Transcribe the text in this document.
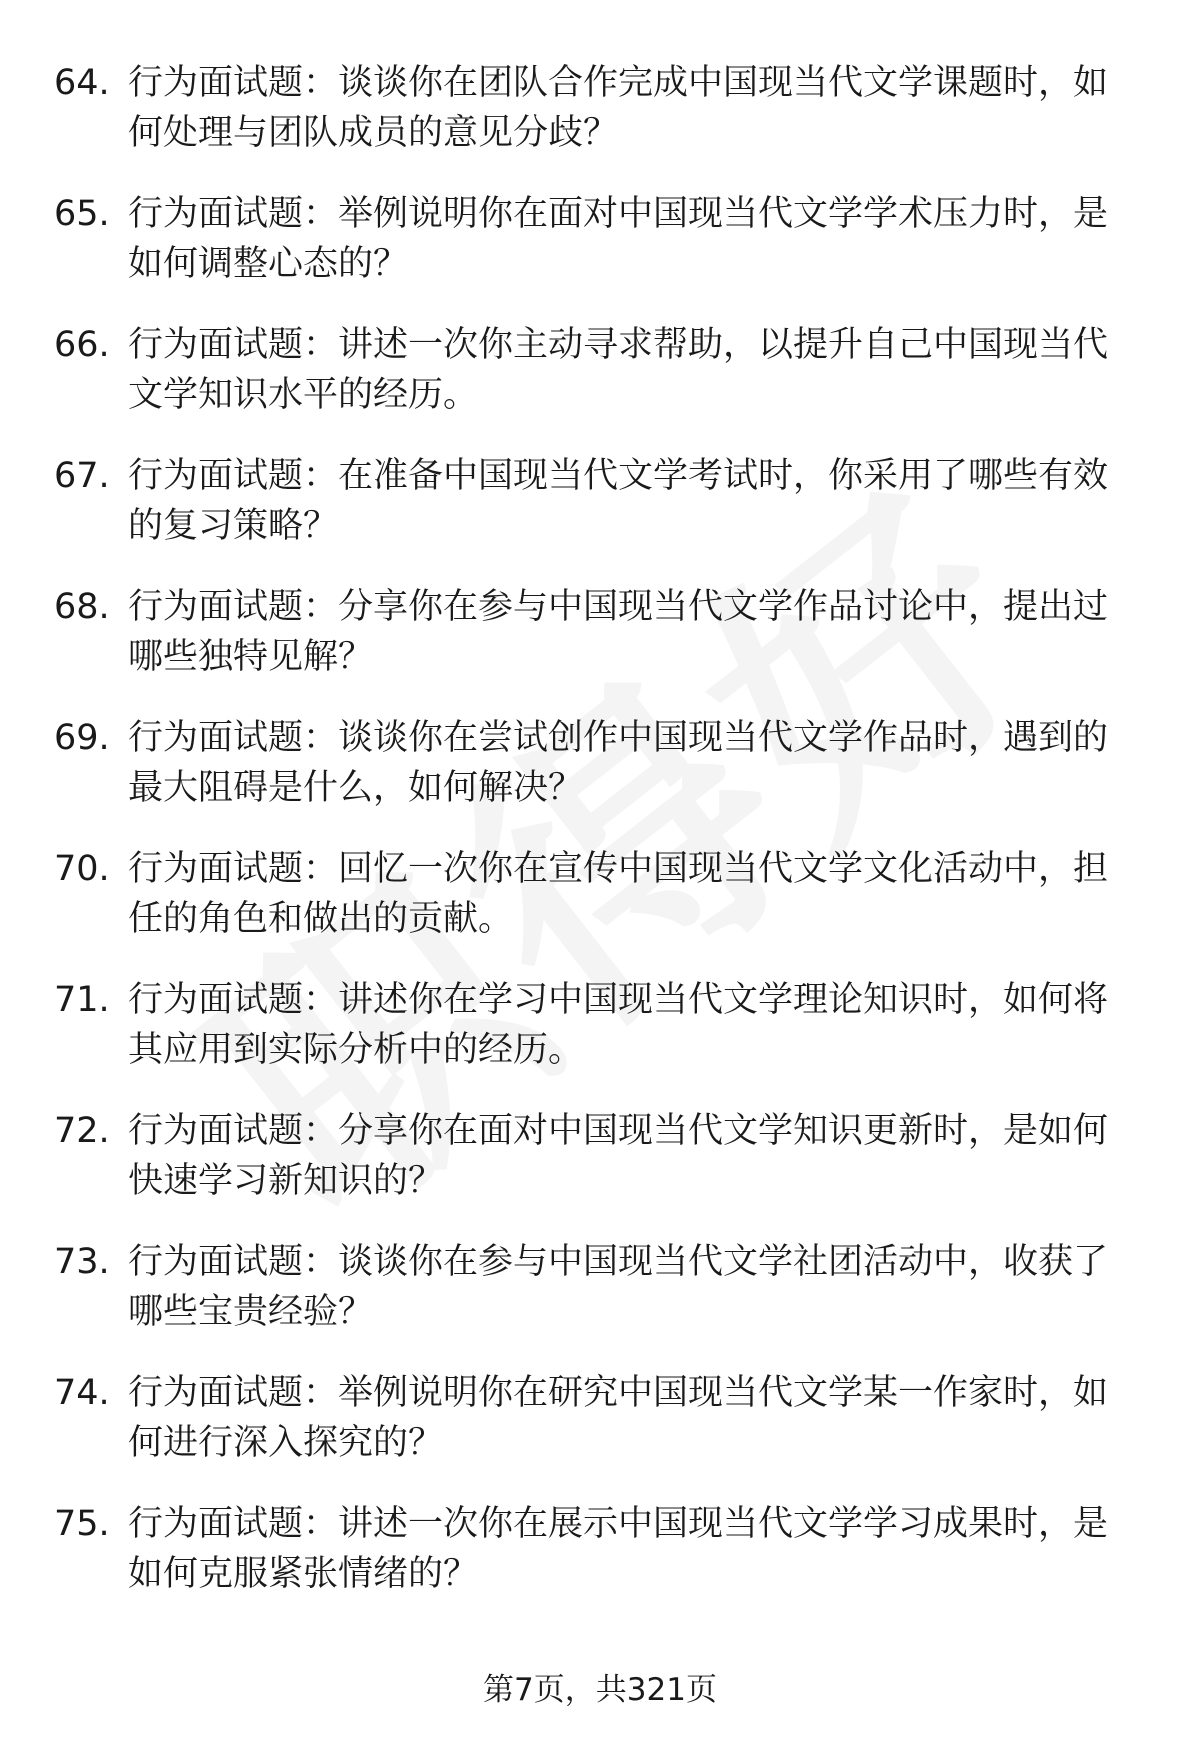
64. 行为面试题：谈谈你在团队合作完成中国现当代文学课题时，如何处理与团队成员的意见分歧？
65. 行为面试题：举例说明你在面对中国现当代文学学术压力时，是如何调整心态的？
66. 行为面试题：讲述一次你主动寻求帮助，以提升自己中国现当代文学知识水平的经历。
67. 行为面试题：在准备中国现当代文学考试时，你采用了哪些有效的复习策略？
68. 行为面试题：分享你在参与中国现当代文学作品讨论中，提出过哪些独特见解？
69. 行为面试题：谈谈你在尝试创作中国现当代文学作品时，遇到的最大阻碍是什么，如何解决？
70. 行为面试题：回忆一次你在宣传中国现当代文学文化活动中，担任的角色和做出的贡献。
71. 行为面试题：讲述你在学习中国现当代文学理论知识时，如何将其应用到实际分析中的经历。
72. 行为面试题：分享你在面对中国现当代文学知识更新时，是如何快速学习新知识的？
73. 行为面试题：谈谈你在参与中国现当代文学社团活动中，收获了哪些宝贵经验？
74. 行为面试题：举例说明你在研究中国现当代文学某一作家时，如何进行深入探究的？
75. 行为面试题：讲述一次你在展示中国现当代文学学习成果时，是如何克服紧张情绪的？
第7页，共321页
